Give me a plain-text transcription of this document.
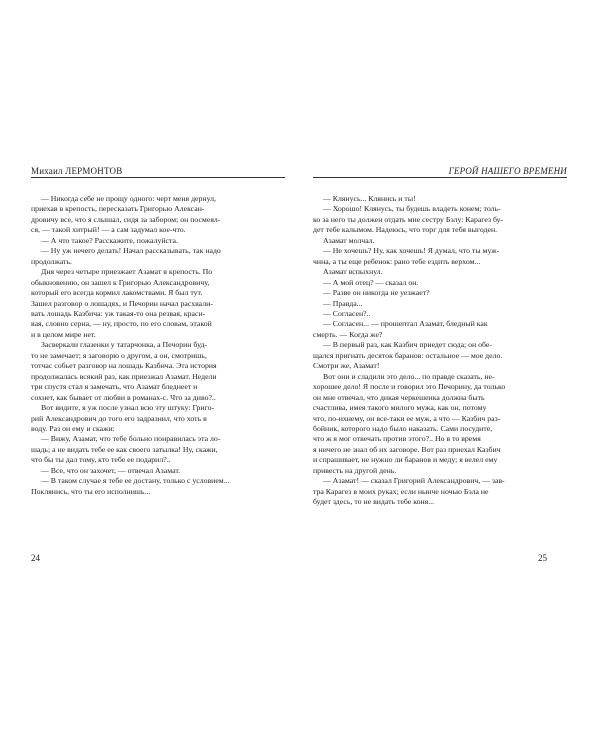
Михаил ЛЕРМОНТОВ

— Никогда себе не прощу одного: черт меня дернул,

приехав в крепость, пересказать Григорью Алексан-

дровичу все, что я слышал, сидя за забором; он посмеял-

ся, — такой хитрый! — а сам задумал кое-что.

— А что такое? Расскажите, пожалуйста.

— Ну уж нечего делать! Начал рассказывать, так надо

продолжать.

Дня через четыре приезжает Азамат в крепость. По

обыкновению, он зашел к Григорью Александровичу,

который его всегда кормил лакомствами. Я был тут.

Зашел разговор о лошадях, и Печорин начал расхвали-

вать лошадь Казбича: уж такая-то она резвая, краси-

вая, словно серна, — ну, просто, по его словам, этакой

и в целом мире нет.

Засверкали глазенки у татарчонка, а Печорин буд-

то не замечает; я заговорю о другом, а он, смотришь,

тотчас собьет разговор на лошадь Казбича. Эта история

продолжалась всякий раз, как приезжал Азамат. Недели

три спустя стал я замечать, что Азамат бледнеет и

сохнет, как бывает от любви в романах-с. Что за диво?..

Вот видите, я уж после узнал всю эту штуку: Григо-

рий Александрович до того его задразнил, что хоть в

воду. Раз он ему и скажи:

— Вижу, Азамат, что тебе больно понравилась эта ло-

шадь; а не видать тебе ее как своего затылка! Ну, скажи,

что бы ты дал тому, кто тебе ее подарил?..

— Все, что он захочет, — отвечал Азамат.

— В таком случае я тебе ее достану, только с условием...

Поклянись, что ты его исполнишь...

ГЕРОЙ НАШЕГО ВРЕМЕНИ

— Клянусь... Клянись и ты!

— Хорошо! Клянусь, ты будешь владеть конем; толь-

ко за него ты должен отдать мне сестру Бэлу: Карагез бу-

дет тебе калымом. Надеюсь, что торг для тебя выгоден.

Азамат молчал.

— Не хочешь? Ну, как хочешь! Я думал, что ты муж-

чина, а ты еще ребенок: рано тебе ездить верхом...

Азамат вспыхнул.

— А мой отец? — сказал он.

— Разве он никогда не уезжает?

— Правда...

— Согласен?..

— Согласен... — прошептал Азамат, бледный как

смерть. — Когда же?

— В первый раз, как Казбич приедет сюда; он обе-

щался пригнать десяток баранов: остальное — мое дело.

Смотри же, Азамат!

Вот они и сладили это дело... по правде сказать, не-

хорошее дело! Я после и говорил это Печорину, да только

он мне отвечал, что дикая черкешенка должна быть

счастлива, имея такого милого мужа, как он, потому

что, по-ихнему, он все-таки ее муж, а что — Казбич раз-

бойник, которого надо было наказать. Сами посудите,

что ж я мог отвечать против этого?.. Но в то время

я ничего не знал об их заговоре. Вот раз приехал Казбич

и спрашивает, не нужно ли баранов и меду; я велел ему

привесть на другой день.

— Азамат! — сказал Григорий Александрович, — зав-

тра Карагез в моих руках; если нынче ночью Бэла не

будет здесь, то не видать тебе коня...

24	25
